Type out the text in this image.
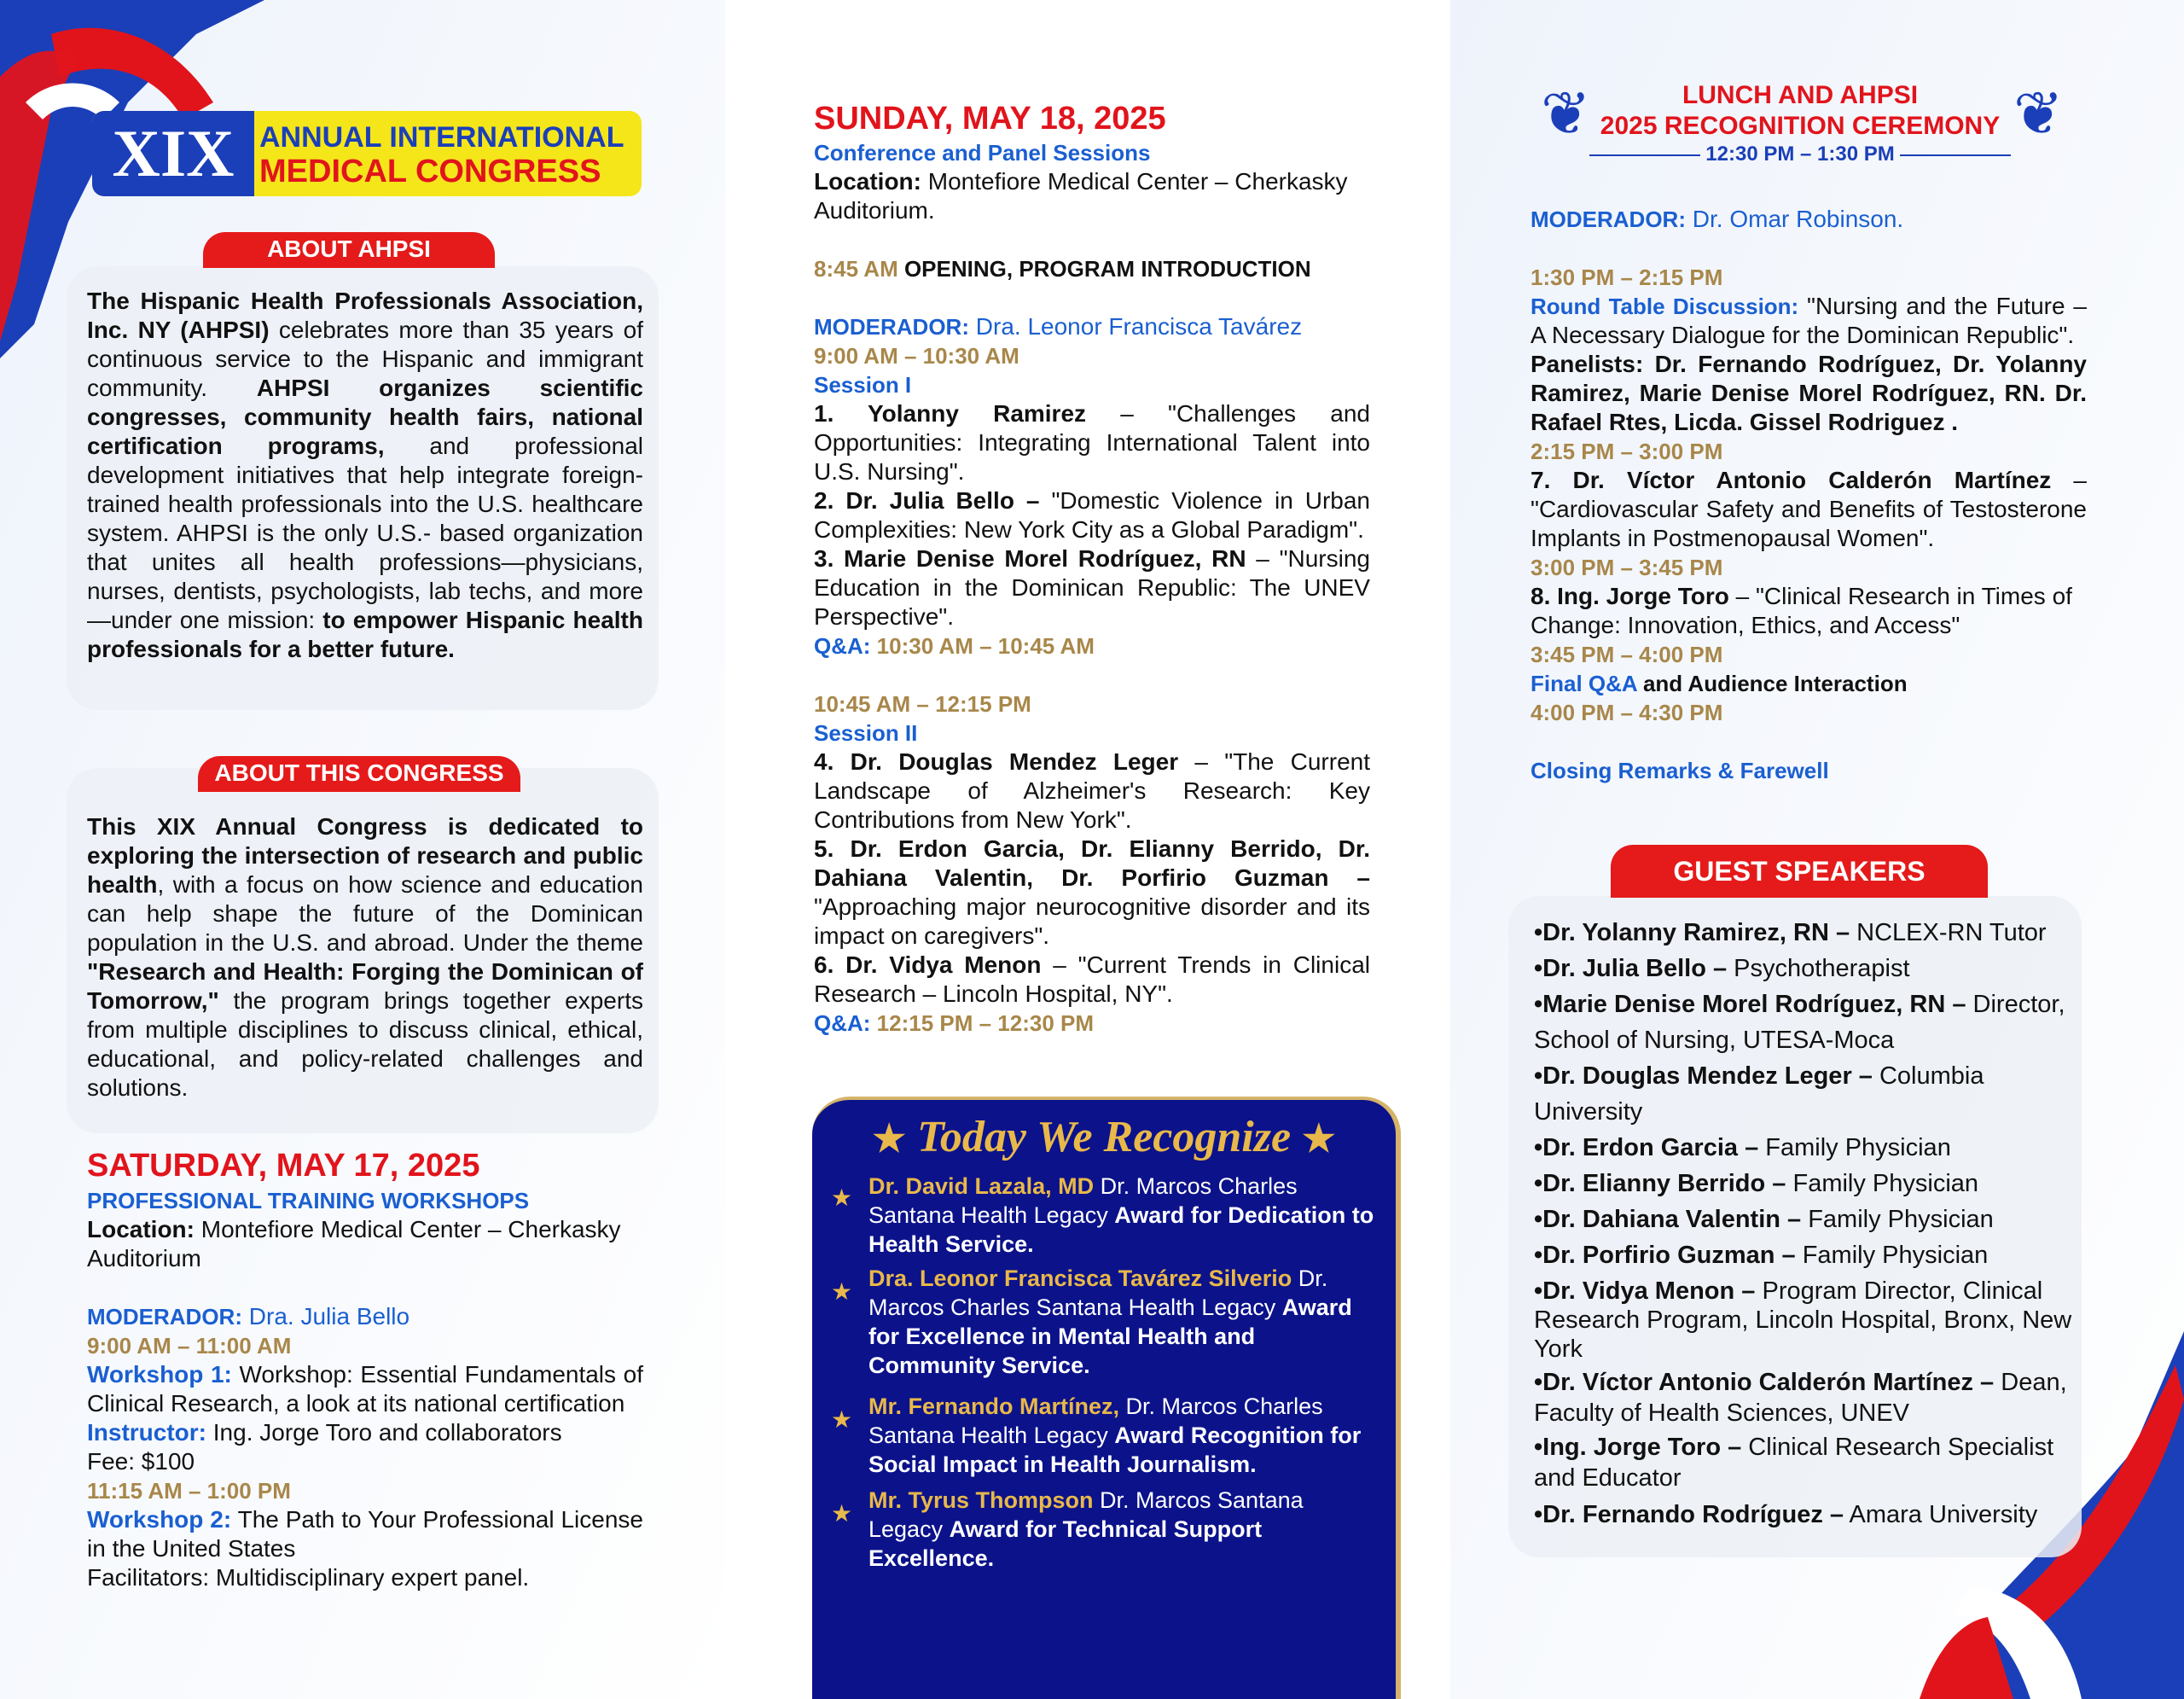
XIX ANNUAL INTERNATIONAL
MEDICAL CONGRESS
ABOUT AHPSI
The Hispanic Health Professionals Association, Inc. NY (AHPSI) celebrates more than 35 years of continuous service to the Hispanic and immigrant community. AHPSI organizes scientific congresses, community health fairs, national certification programs, and professional development initiatives that help integrate foreign-trained health professionals into the U.S. healthcare system. AHPSI is the only U.S.- based organization that unites all health professions—physicians, nurses, dentists, psychologists, lab techs, and more—under one mission: to empower Hispanic health professionals for a better future.
ABOUT THIS CONGRESS
This XIX Annual Congress is dedicated to exploring the intersection of research and public health, with a focus on how science and education can help shape the future of the Dominican population in the U.S. and abroad. Under the theme "Research and Health: Forging the Dominican of Tomorrow," the program brings together experts from multiple disciplines to discuss clinical, ethical, educational, and policy-related challenges and solutions.
SATURDAY, MAY 17, 2025

PROFESSIONAL TRAINING WORKSHOPS

Location: Montefiore Medical Center – Cherkasky Auditorium

MODERADOR: Dra. Julia Bello

9:00 AM – 11:00 AM

Workshop 1: Workshop: Essential Fundamentals of Clinical Research, a look at its national certification

Instructor: Ing. Jorge Toro and collaborators

Fee: $100

11:15 AM – 1:00 PM

Workshop 2: The Path to Your Professional License in the United States

Facilitators: Multidisciplinary expert panel.

SUNDAY, MAY 18, 2025

Conference and Panel Sessions

Location: Montefiore Medical Center – Cherkasky Auditorium.

8:45 AM OPENING, PROGRAM INTRODUCTION

MODERADOR: Dra. Leonor Francisca Tavárez

9:00 AM – 10:30 AM

Session I

1. Yolanny Ramirez – "Challenges and Opportunities: Integrating International Talent into U.S. Nursing".

2. Dr. Julia Bello – "Domestic Violence in Urban Complexities: New York City as a Global Paradigm".

3. Marie Denise Morel Rodríguez, RN – "Nursing Education in the Dominican Republic: The UNEV Perspective".

Q&A: 10:30 AM – 10:45 AM

10:45 AM – 12:15 PM

Session II

4. Dr. Douglas Mendez Leger – "The Current Landscape of Alzheimer's Research: Key Contributions from New York".

5. Dr. Erdon Garcia, Dr. Elianny Berrido, Dr. Dahiana Valentin, Dr. Porfirio Guzman – "Approaching major neurocognitive disorder and its impact on caregivers".

6. Dr. Vidya Menon – "Current Trends in Clinical Research – Lincoln Hospital, NY".

Q&A: 12:15 PM – 12:30 PM

★ Today We Recognize ★
★ Dr. David Lazala, MD Dr. Marcos Charles Santana Health Legacy Award for Dedication to Health Service.
★ Dra. Leonor Francisca Tavárez Silverio Dr. Marcos Charles Santana Health Legacy Award for Excellence in Mental Health and Community Service.
★ Mr. Fernando Martínez, Dr. Marcos Charles Santana Health Legacy Award Recognition for Social Impact in Health Journalism.
★ Mr. Tyrus Thompson Dr. Marcos Santana Legacy Award for Technical Support Excellence.
LUNCH AND AHPSI
2025 RECOGNITION CEREMONY
12:30 PM – 1:30 PM
❦	❦

MODERADOR: Dr. Omar Robinson.

1:30 PM – 2:15 PM

Round Table Discussion: "Nursing and the Future – A Necessary Dialogue for the Dominican Republic".

Panelists: Dr. Fernando Rodríguez, Dr. Yolanny Ramirez, Marie Denise Morel Rodríguez, RN. Dr. Rafael Rtes, Licda. Gissel Rodriguez .

2:15 PM – 3:00 PM

7. Dr. Víctor Antonio Calderón Martínez – "Cardiovascular Safety and Benefits of Testosterone Implants in Postmenopausal Women".

3:00 PM – 3:45 PM

8. Ing. Jorge Toro – "Clinical Research in Times of Change: Innovation, Ethics, and Access"

3:45 PM – 4:00 PM

Final Q&A and Audience Interaction

4:00 PM – 4:30 PM

Closing Remarks & Farewell

GUEST SPEAKERS

•Dr. Yolanny Ramirez, RN – NCLEX-RN Tutor

•Dr. Julia Bello – Psychotherapist

•Marie Denise Morel Rodríguez, RN – Director, School of Nursing, UTESA-Moca

•Dr. Douglas Mendez Leger – Columbia University

•Dr. Erdon Garcia – Family Physician

•Dr. Elianny Berrido – Family Physician

•Dr. Dahiana Valentin – Family Physician

•Dr. Porfirio Guzman – Family Physician

•Dr. Vidya Menon – Program Director, Clinical Research Program, Lincoln Hospital, Bronx, New York

•Dr. Víctor Antonio Calderón Martínez – Dean, Faculty of Health Sciences, UNEV

•Ing. Jorge Toro – Clinical Research Specialist and Educator

•Dr. Fernando Rodríguez – Amara University
